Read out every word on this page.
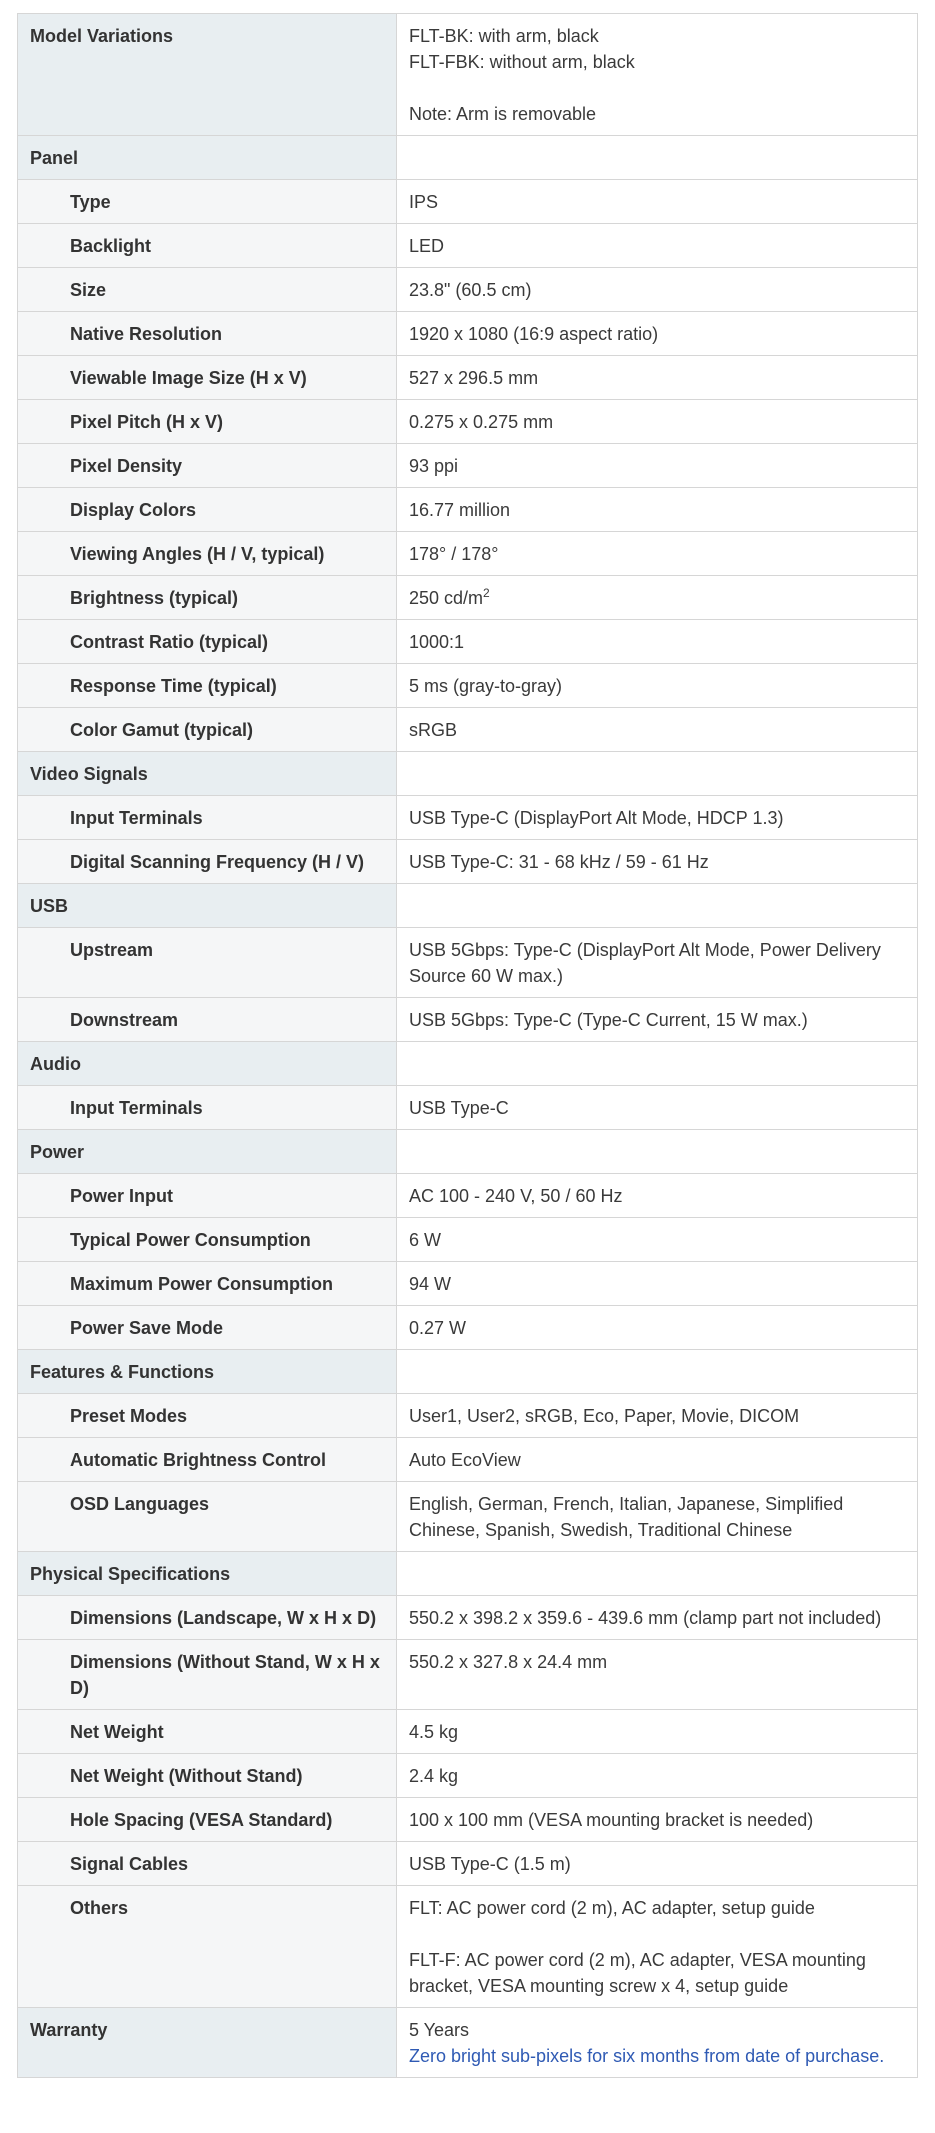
Model Variations	FLT-BK: with arm, black
FLT-FBK: without arm, black
Note: Arm is removable

Panel	
Type	IPS
Backlight	LED
Size	23.8" (60.5 cm)
Native Resolution	1920 x 1080 (16:9 aspect ratio)
Viewable Image Size (H x V)	527 x 296.5 mm
Pixel Pitch (H x V)	0.275 x 0.275 mm
Pixel Density	93 ppi
Display Colors	16.77 million
Viewing Angles (H / V, typical)	178° / 178°
Brightness (typical)	250 $cd/m^2$
Contrast Ratio (typical)	1000:1
Response Time (typical)	5 ms (gray-to-gray)
Color Gamut (typical)	sRGB
Video Signals	
Input Terminals	USB Type-C (DisplayPort Alt Mode, HDCP 1.3)
Digital Scanning Frequency (H / V)	USB Type-C: 31 - 68 kHz / 59 - 61 Hz
USB	
Upstream	USB 5Gbps: Type-C (DisplayPort Alt Mode, Power Delivery Source 60 W max.)
Downstream	USB 5Gbps: Type-C (Type-C Current, 15 W max.)
Audio	
Input Terminals	USB Type-C
Power	
Power Input	AC 100 - 240 V, 50 / 60 Hz
Typical Power Consumption	6 W
Maximum Power Consumption	94 W
Power Save Mode	0.27 W
Features & Functions	
Preset Modes	User1, User2, sRGB, Eco, Paper, Movie, DICOM
Automatic Brightness Control	Auto EcoView
OSD Languages	English, German, French, Italian, Japanese, Simplified Chinese, Spanish, Swedish, Traditional Chinese
Physical Specifications	
Dimensions (Landscape, W x H x D)	550.2 x 398.2 x 359.6 - 439.6 mm (clamp part not included)
Dimensions (Without Stand, W x H x D)	550.2 x 327.8 x 24.4 mm
Net Weight	4.5 kg
Net Weight (Without Stand)	2.4 kg
Hole Spacing (VESA Standard)	100 x 100 mm (VESA mounting bracket is needed)
Signal Cables	USB Type-C (1.5 m)
Others	FLT: AC power cord (2 m), AC adapter, setup guide
FLT-F: AC power cord (2 m), AC adapter, VESA mounting bracket, VESA mounting screw x 4, setup guide

Warranty	5 Years
Zero bright sub-pixels for six months from date of purchase.
